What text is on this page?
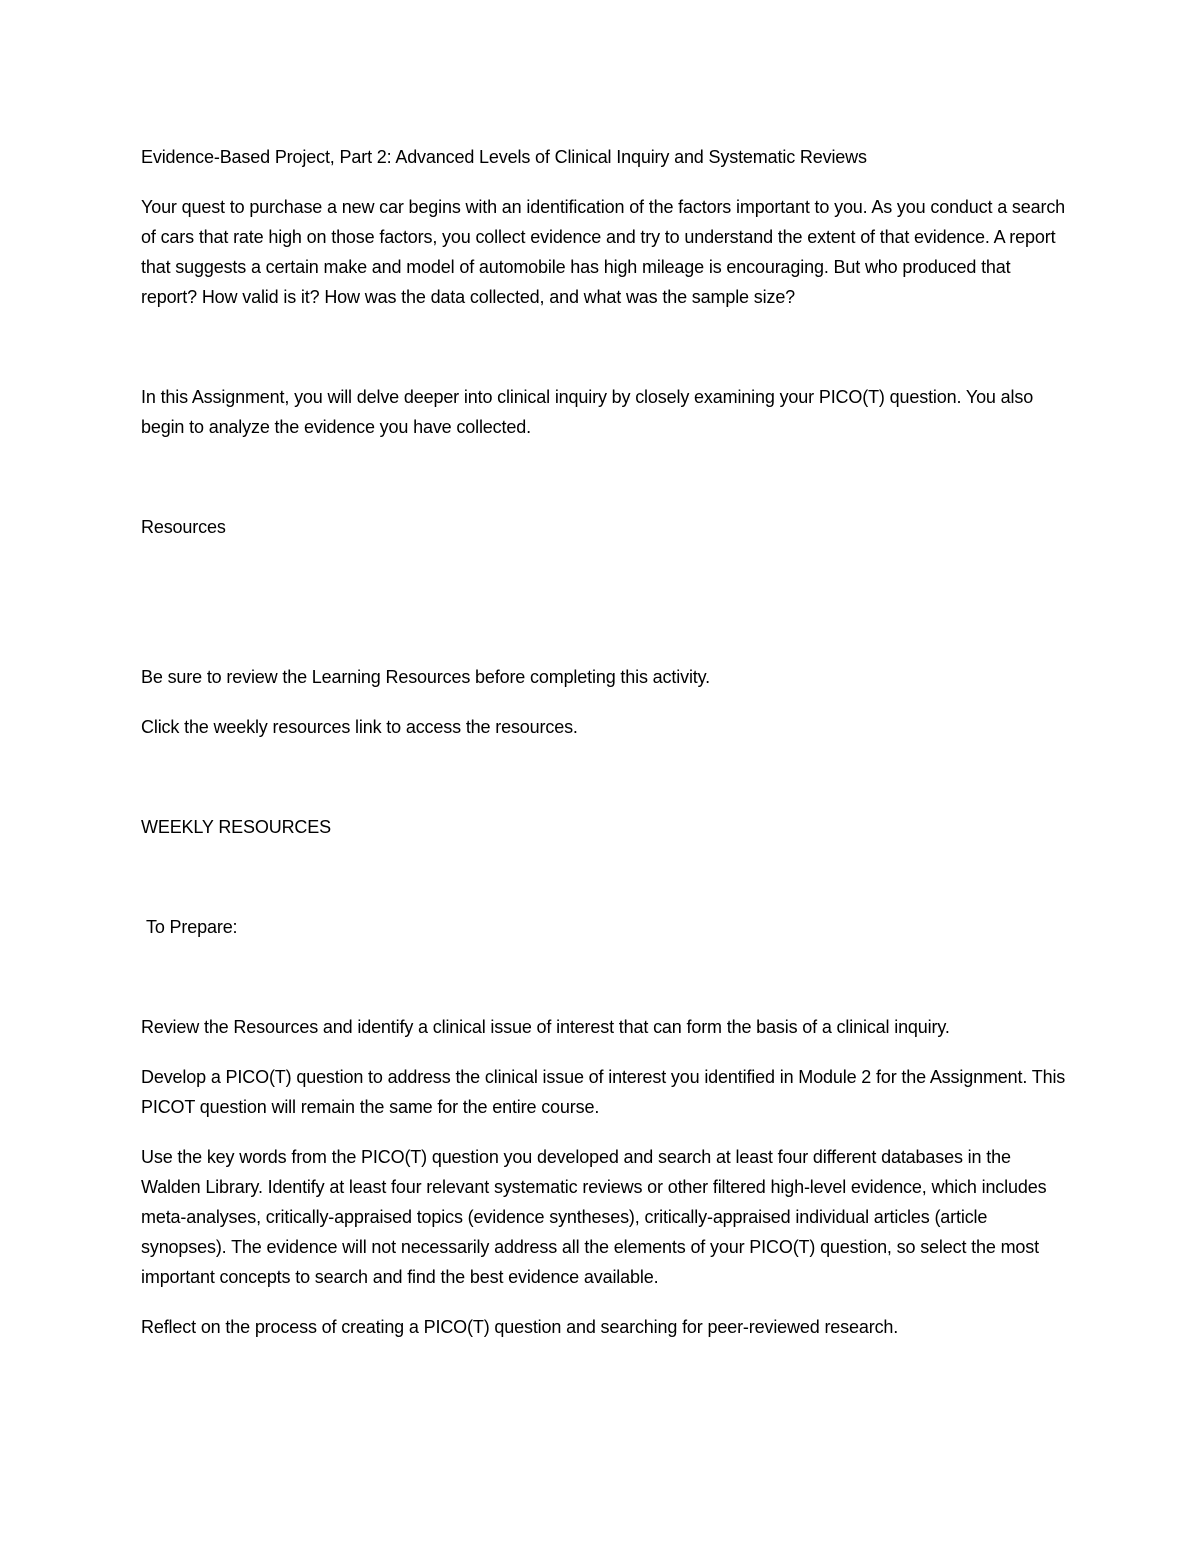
Evidence-Based Project, Part 2: Advanced Levels of Clinical Inquiry and Systematic Reviews

Your quest to purchase a new car begins with an identification of the factors important to you. As you conduct a search of cars that rate high on those factors, you collect evidence and try to understand the extent of that evidence. A report that suggests a certain make and model of automobile has high mileage is encouraging. But who produced that report? How valid is it? How was the data collected, and what was the sample size?

In this Assignment, you will delve deeper into clinical inquiry by closely examining your PICO(T) question. You also begin to analyze the evidence you have collected.

Resources

Be sure to review the Learning Resources before completing this activity.

Click the weekly resources link to access the resources.

WEEKLY RESOURCES

To Prepare:

Review the Resources and identify a clinical issue of interest that can form the basis of a clinical inquiry.

Develop a PICO(T) question to address the clinical issue of interest you identified in Module 2 for the Assignment. This PICOT question will remain the same for the entire course.

Use the key words from the PICO(T) question you developed and search at least four different databases in the Walden Library. Identify at least four relevant systematic reviews or other filtered high-level evidence, which includes meta-analyses, critically-appraised topics (evidence syntheses), critically-appraised individual articles (article synopses). The evidence will not necessarily address all the elements of your PICO(T) question, so select the most important concepts to search and find the best evidence available.

Reflect on the process of creating a PICO(T) question and searching for peer-reviewed research.
